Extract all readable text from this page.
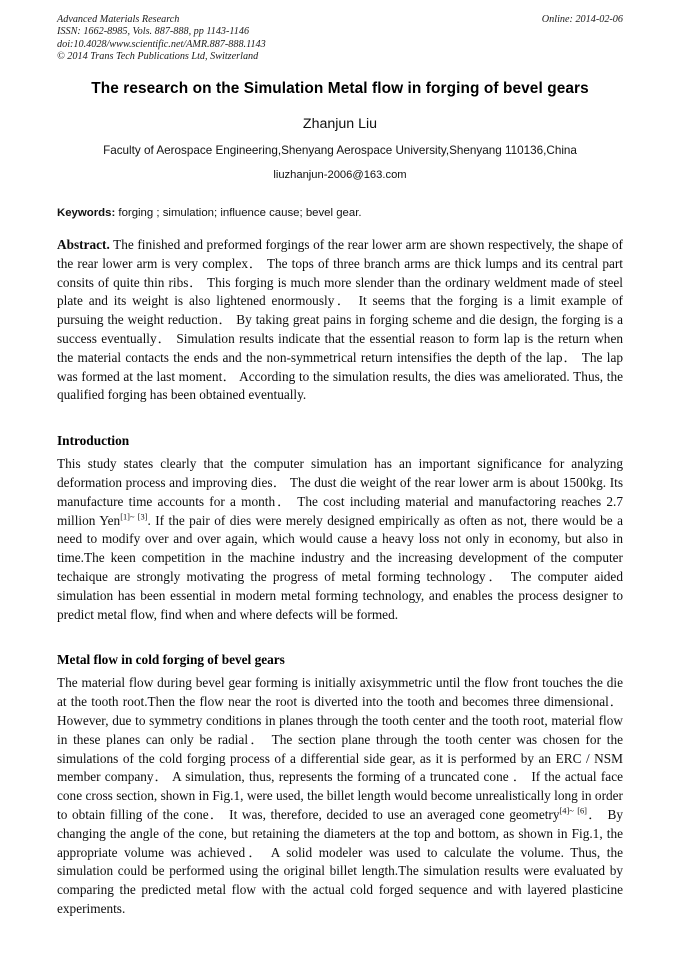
Advanced Materials Research
ISSN: 1662-8985, Vols. 887-888, pp 1143-1146
doi:10.4028/www.scientific.net/AMR.887-888.1143
© 2014 Trans Tech Publications Ltd, Switzerland
Online: 2014-02-06
The research on the Simulation Metal flow in forging of bevel gears
Zhanjun Liu
Faculty of Aerospace Engineering,Shenyang Aerospace University,Shenyang 110136,China
liuzhanjun-2006@163.com
Keywords: forging ; simulation; influence cause; bevel gear.
Abstract. The finished and preformed forgings of the rear lower arm are shown respectively, the shape of the rear lower arm is very complex． The tops of three branch arms are thick lumps and its central part consits of quite thin ribs． This forging is much more slender than the ordinary weldment made of steel plate and its weight is also lightened enormously． It seems that the forging is a limit example of pursuing the weight reduction． By taking great pains in forging scheme and die design, the forging is a success eventually． Simulation results indicate that the essential reason to form lap is the return when the material contacts the ends and the non-symmetrical return intensifies the depth of the lap． The lap was formed at the last moment． According to the simulation results, the dies was ameliorated. Thus, the qualified forging has been obtained eventually.
Introduction
This study states clearly that the computer simulation has an important significance for analyzing deformation process and improving dies． The dust die weight of the rear lower arm is about 1500kg. Its manufacture time accounts for a month． The cost including material and manufactoring reaches 2.7 million Yen[1]~ [3]. If the pair of dies were merely designed empirically as often as not, there would be a need to modify over and over again, which would cause a heavy loss not only in economy, but also in time.The keen competition in the machine industry and the increasing development of the computer techaique are strongly motivating the progress of metal forming technology． The computer aided simulation has been essential in modern metal forming technology, and enables the process designer to predict metal flow, find when and where defects will be formed.
Metal flow in cold forging of bevel gears
The material flow during bevel gear forming is initially axisymmetric until the flow front touches the die at the tooth root.Then the flow near the root is diverted into the tooth and becomes three dimensional． However, due to symmetry conditions in planes through the tooth center and the tooth root, material flow in these planes can only be radial． The section plane through the tooth center was chosen for the simulations of the cold forging process of a differential side gear, as it is performed by an ERC / NSM member company． A simulation, thus, represents the forming of a truncated cone ． If the actual face cone cross section, shown in Fig.1, were used, the billet length would become unrealistically long in order to obtain filling of the cone． It was, therefore, decided to use an averaged cone geometry[4]~ [6]． By changing the angle of the cone, but retaining the diameters at the top and bottom, as shown in Fig.1, the appropriate volume was achieved． A solid modeler was used to calculate the volume. Thus, the simulation could be performed using the original billet length.The simulation results were evaluated by comparing the predicted metal flow with the actual cold forged sequence and with layered plasticine experiments.
